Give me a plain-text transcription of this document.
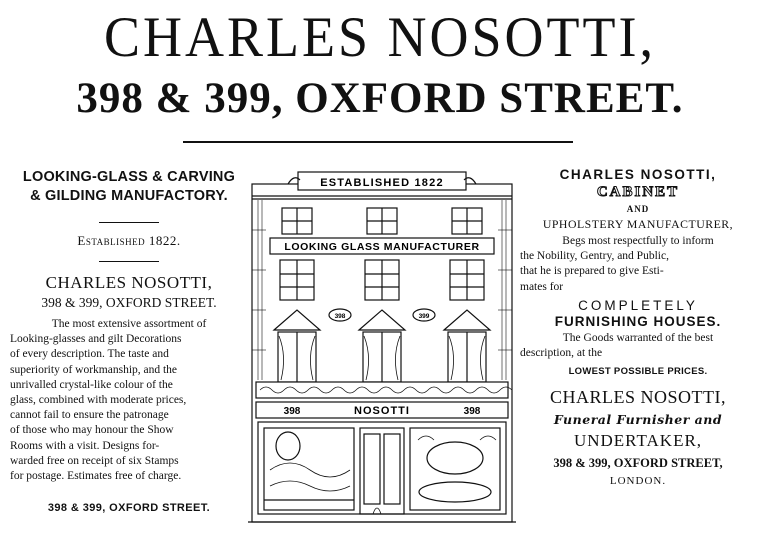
CHARLES NOSOTTI,
398 & 399, OXFORD STREET.
LOOKING-GLASS & CARVING
& GILDING MANUFACTORY.
Established 1822.
CHARLES NOSOTTI,
398 & 399, OXFORD STREET.
The most extensive assortment of
Looking-glasses and gilt Decorations
of every description. The taste and
superiority of workmanship, and the
unrivalled crystal-like colour of the
glass, combined with moderate prices,
cannot fail to ensure the patronage
of those who may honour the Show
Rooms with a visit. Designs for-
warded free on receipt of six Stamps
for postage. Estimates free of charge.
398 & 399, OXFORD STREET.
ESTABLISHED 1822
LOOKING GLASS MANUFACTURER
398	399
398	NOSOTTI	398
CHARLES NOSOTTI,
CABINET
AND
UPHOLSTERY MANUFACTURER,
Begs most respectfully to inform
the Nobility, Gentry, and Public,
that he is prepared to give Esti-
mates for
COMPLETELY
FURNISHING HOUSES.
The Goods warranted of the best
description, at the
LOWEST POSSIBLE PRICES.
CHARLES NOSOTTI,
Funeral Furnisher and
UNDERTAKER,
398 & 399, OXFORD STREET,
LONDON.
